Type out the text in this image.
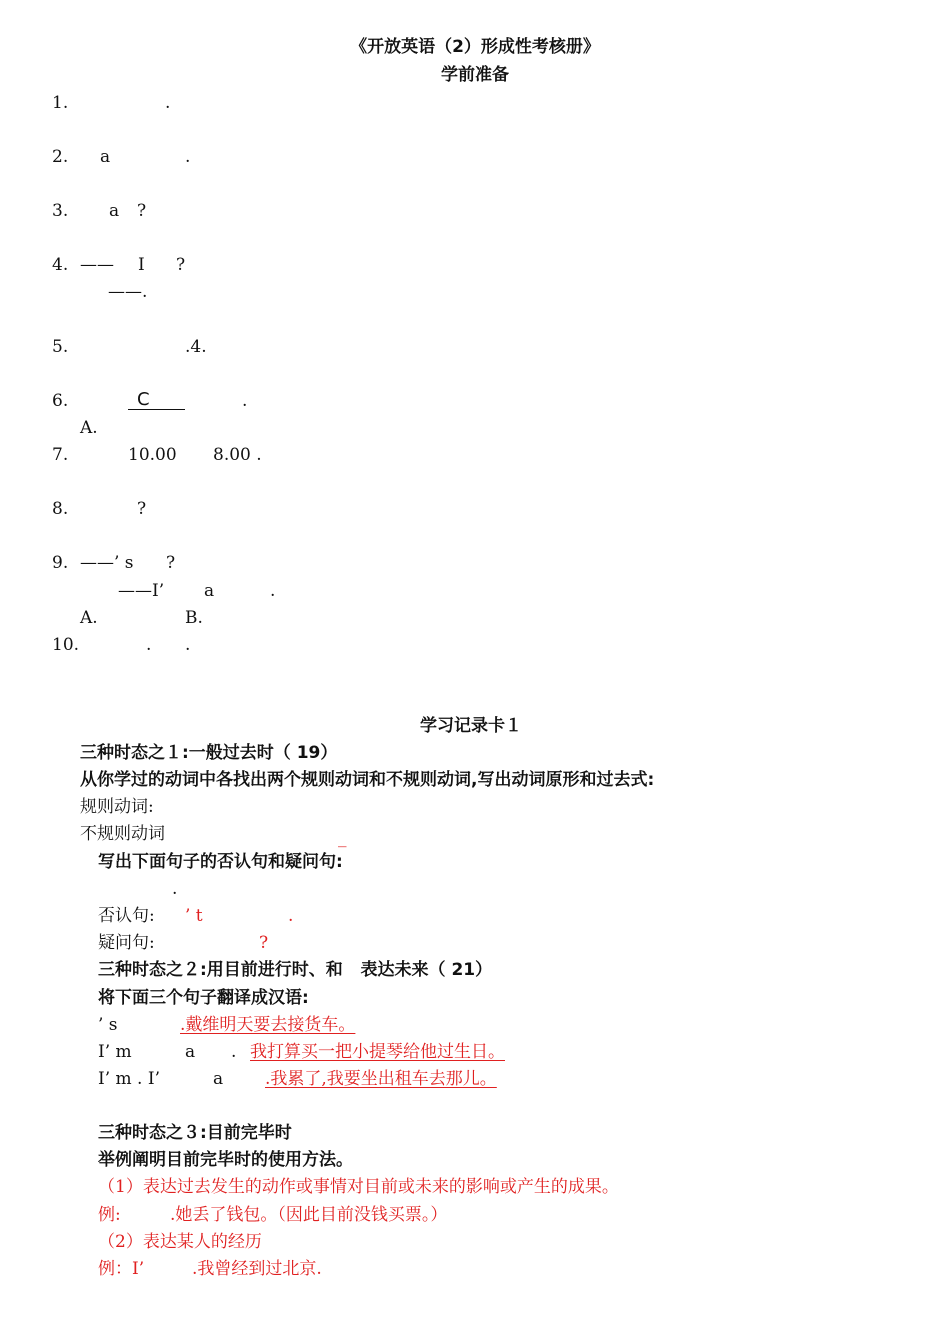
《开放英语（2）形成性考核册》
学前准备
1.	.
2. a	.
3. a ?
4. —— I ?
——.
5.	.4.
6.	C	.
A.
7.	10.00 8.00 .
8.	?
9. ——’ s ?
——I’ a	.
A.	B.
10.	. .
学习记录卡１
三种时态之１:一般过去时（ 19）
从你学过的动词中各找出两个规则动词和不规则动词,写出动词原形和过去式:
规则动词:
不规则动词	_
写出下面句子的否认句和疑问句:
.
否认句: ’ t	.
疑问句:	?
三种时态之２:用目前进行时、和   表达未来（ 21）
将下面三个句子翻译成汉语:
’ s	.戴维明天要去接货车。
I’ m	a . 我打算买一把小提琴给他过生日。
I’ m . I’	a .我累了,我要坐出租车去那儿。
三种时态之３:目前完毕时
举例阐明目前完毕时的使用方法。
（1）表达过去发生的动作或事情对目前或未来的影响或产生的成果。
例:	.她丢了钱包。（因此目前没钱买票。）
（2）表达某人的经历
例：I’	.我曾经到过北京.
